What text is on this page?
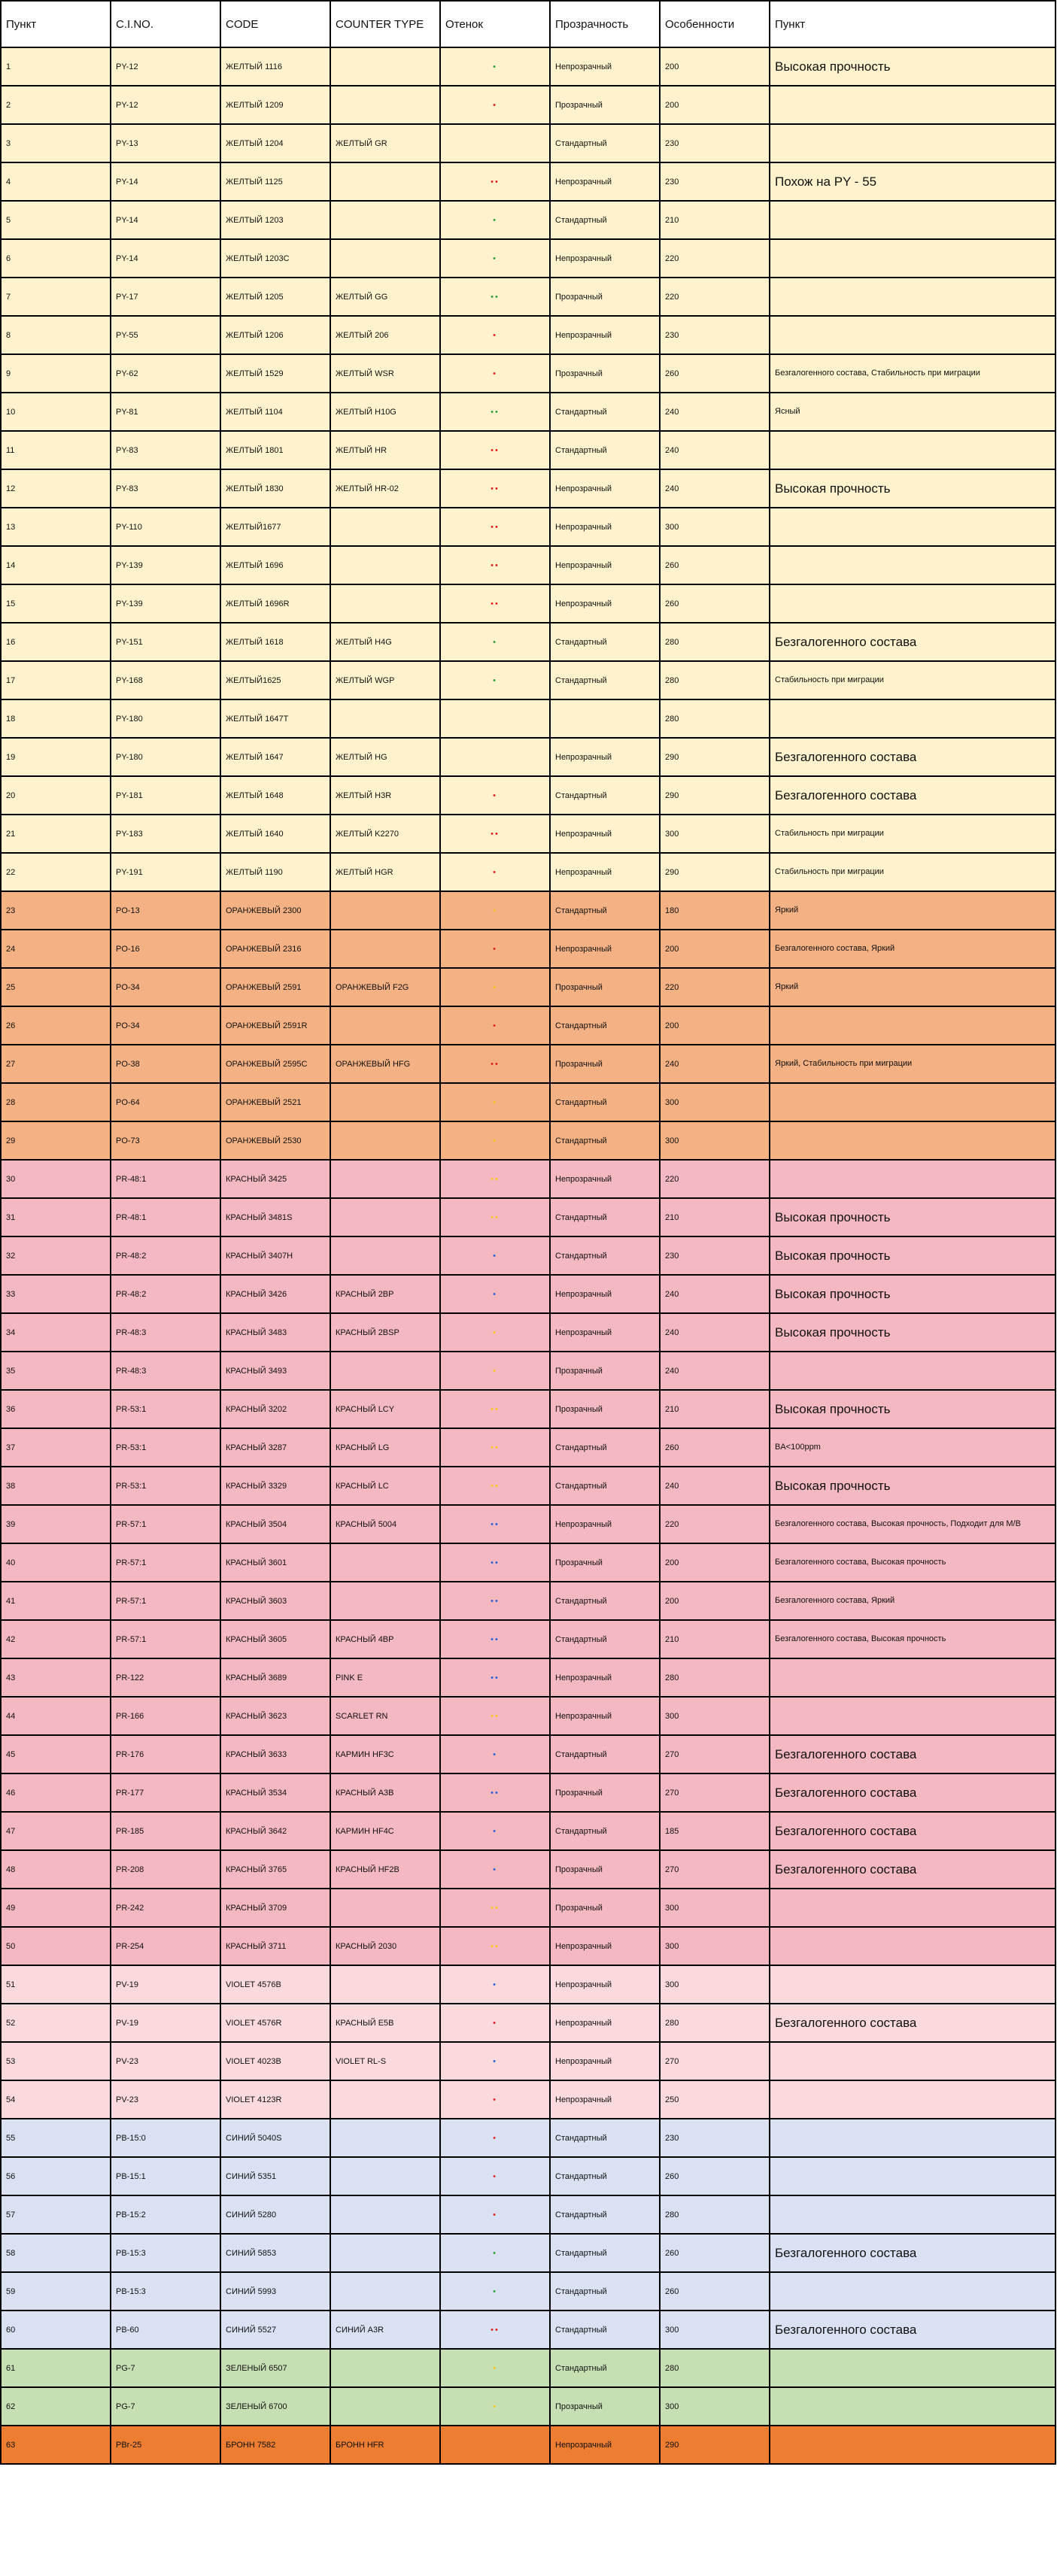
Пункт	C.I.NO.	CODE	COUNTER TYPE	Отенок	Прозрачность	Особенности	Пункт
1	PY-12	ЖЕЛТЫЙ 1116		•	Непрозрачный	200	Высокая прочность
2	PY-12	ЖЕЛТЫЙ 1209		•	Прозрачный	200	
3	PY-13	ЖЕЛТЫЙ 1204	ЖЕЛТЫЙ GR		Стандартный	230	
4	PY-14	ЖЕЛТЫЙ 1125		••	Непрозрачный	230	Похож на PY - 55
5	PY-14	ЖЕЛТЫЙ 1203		•	Стандартный	210	
6	PY-14	ЖЕЛТЫЙ 1203C		•	Непрозрачный	220	
7	PY-17	ЖЕЛТЫЙ 1205	ЖЕЛТЫЙ GG	••	Прозрачный	220	
8	PY-55	ЖЕЛТЫЙ 1206	ЖЕЛТЫЙ 206	•	Непрозрачный	230	
9	PY-62	ЖЕЛТЫЙ 1529	ЖЕЛТЫЙ WSR	•	Прозрачный	260	Безгалогенного состава, Стабильность при миграции
10	PY-81	ЖЕЛТЫЙ 1104	ЖЕЛТЫЙ H10G	••	Стандартный	240	Ясный
11	PY-83	ЖЕЛТЫЙ 1801	ЖЕЛТЫЙ HR	••	Стандартный	240	
12	PY-83	ЖЕЛТЫЙ 1830	ЖЕЛТЫЙ HR-02	••	Непрозрачный	240	Высокая прочность
13	PY-110	ЖЕЛТЫЙ1677		••	Непрозрачный	300	
14	PY-139	ЖЕЛТЫЙ 1696		••	Непрозрачный	260	
15	PY-139	ЖЕЛТЫЙ 1696R		••	Непрозрачный	260	
16	PY-151	ЖЕЛТЫЙ 1618	ЖЕЛТЫЙ H4G	•	Стандартный	280	Безгалогенного состава
17	PY-168	ЖЕЛТЫЙ1625	ЖЕЛТЫЙ WGP	•	Стандартный	280	Стабильность при миграции
18	PY-180	ЖЕЛТЫЙ 1647T				280	
19	PY-180	ЖЕЛТЫЙ 1647	ЖЕЛТЫЙ HG		Непрозрачный	290	Безгалогенного состава
20	PY-181	ЖЕЛТЫЙ 1648	ЖЕЛТЫЙ H3R	•	Стандартный	290	Безгалогенного состава
21	PY-183	ЖЕЛТЫЙ 1640	ЖЕЛТЫЙ K2270	••	Непрозрачный	300	Стабильность при миграции
22	PY-191	ЖЕЛТЫЙ 1190	ЖЕЛТЫЙ HGR	•	Непрозрачный	290	Стабильность при миграции
23	PO-13	ОРАНЖЕВЫЙ 2300		•	Стандартный	180	Яркий
24	PO-16	ОРАНЖЕВЫЙ 2316		•	Непрозрачный	200	Безгалогенного состава, Яркий
25	PO-34	ОРАНЖЕВЫЙ 2591	ОРАНЖЕВЫЙ F2G	•	Прозрачный	220	Яркий
26	PO-34	ОРАНЖЕВЫЙ 2591R		•	Стандартный	200	
27	PO-38	ОРАНЖЕВЫЙ 2595C	ОРАНЖЕВЫЙ HFG	••	Прозрачный	240	Яркий, Стабильность при миграции
28	PO-64	ОРАНЖЕВЫЙ 2521		•	Стандартный	300	
29	PO-73	ОРАНЖЕВЫЙ 2530		•	Стандартный	300	
30	PR-48:1	КРАСНЫЙ 3425		••	Непрозрачный	220	
31	PR-48:1	КРАСНЫЙ 3481S		••	Стандартный	210	Высокая прочность
32	PR-48:2	КРАСНЫЙ 3407H		•	Стандартный	230	Высокая прочность
33	PR-48:2	КРАСНЫЙ 3426	КРАСНЫЙ 2BP	•	Непрозрачный	240	Высокая прочность
34	PR-48:3	КРАСНЫЙ 3483	КРАСНЫЙ 2BSP	•	Непрозрачный	240	Высокая прочность
35	PR-48:3	КРАСНЫЙ 3493		•	Прозрачный	240	
36	PR-53:1	КРАСНЫЙ 3202	КРАСНЫЙ LCY	••	Прозрачный	210	Высокая прочность
37	PR-53:1	КРАСНЫЙ 3287	КРАСНЫЙ LG	••	Стандартный	260	BA<100ppm
38	PR-53:1	КРАСНЫЙ 3329	КРАСНЫЙ LC	••	Стандартный	240	Высокая прочность
39	PR-57:1	КРАСНЫЙ 3504	КРАСНЫЙ 5004	••	Непрозрачный	220	Безгалогенного состава, Высокая прочность, Подходит для M/B
40	PR-57:1	КРАСНЫЙ 3601		••	Прозрачный	200	Безгалогенного состава, Высокая прочность
41	PR-57:1	КРАСНЫЙ 3603		••	Стандартный	200	Безгалогенного состава, Яркий
42	PR-57:1	КРАСНЫЙ 3605	КРАСНЫЙ 4BP	••	Стандартный	210	Безгалогенного состава, Высокая прочность
43	PR-122	КРАСНЫЙ 3689	PINK E	••	Непрозрачный	280	
44	PR-166	КРАСНЫЙ 3623	SCARLET RN	••	Непрозрачный	300	
45	PR-176	КРАСНЫЙ 3633	КАРМИН HF3C	•	Стандартный	270	Безгалогенного состава
46	PR-177	КРАСНЫЙ 3534	КРАСНЫЙ A3B	••	Прозрачный	270	Безгалогенного состава
47	PR-185	КРАСНЫЙ 3642	КАРМИН HF4C	•	Стандартный	185	Безгалогенного состава
48	PR-208	КРАСНЫЙ 3765	КРАСНЫЙ HF2B	•	Прозрачный	270	Безгалогенного состава
49	PR-242	КРАСНЫЙ 3709		••	Прозрачный	300	
50	PR-254	КРАСНЫЙ 3711	КРАСНЫЙ 2030	••	Непрозрачный	300	
51	PV-19	VIOLET 4576B		•	Непрозрачный	300	
52	PV-19	VIOLET 4576R	КРАСНЫЙ E5B	•	Непрозрачный	280	Безгалогенного состава
53	PV-23	VIOLET 4023B	VIOLET RL-S	•	Непрозрачный	270	
54	PV-23	VIOLET 4123R		•	Непрозрачный	250	
55	PB-15:0	СИНИЙ 5040S		•	Стандартный	230	
56	PB-15:1	СИНИЙ 5351		•	Стандартный	260	
57	PB-15:2	СИНИЙ 5280		•	Стандартный	280	
58	PB-15:3	СИНИЙ 5853		•	Стандартный	260	Безгалогенного состава
59	PB-15:3	СИНИЙ 5993		•	Стандартный	260	
60	PB-60	СИНИЙ 5527	СИНИЙ A3R	••	Стандартный	300	Безгалогенного состава
61	PG-7	ЗЕЛЕНЫЙ 6507		•	Стандартный	280	
62	PG-7	ЗЕЛЕНЫЙ 6700		•	Прозрачный	300	
63	PBr-25	БРОНН 7582	БРОНН HFR		Непрозрачный	290	
